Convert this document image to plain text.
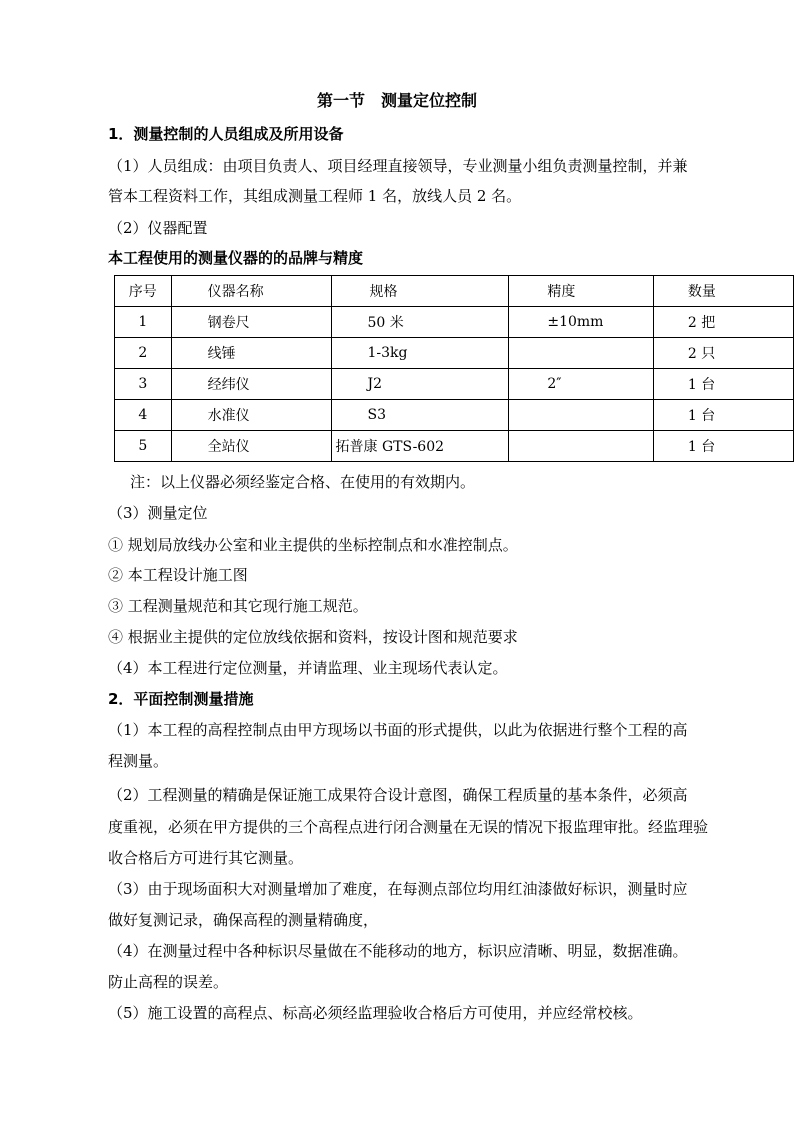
第一节　测量定位控制
1．测量控制的人员组成及所用设备
（1）人员组成：由项目负责人、项目经理直接领导，专业测量小组负责测量控制，并兼
管本工程资料工作，其组成测量工程师 1 名，放线人员 2 名。
（2）仪器配置
本工程使用的测量仪器的的品牌与精度
序号	仪器名称	规格	精度	数量
1	钢卷尺	50 米	±10mm	2 把
2	线锤	1-3kg		2 只
3	经纬仪	J2	2″	1 台
4	水准仪	S3		1 台
5	全站仪	拓普康 GTS-602		1 台
注：以上仪器必须经鉴定合格、在使用的有效期内。
（3）测量定位
① 规划局放线办公室和业主提供的坐标控制点和水准控制点。
② 本工程设计施工图
③ 工程测量规范和其它现行施工规范。
④ 根据业主提供的定位放线依据和资料，按设计图和规范要求
（4）本工程进行定位测量，并请监理、业主现场代表认定。
2．平面控制测量措施
（1）本工程的高程控制点由甲方现场以书面的形式提供，以此为依据进行整个工程的高
程测量。
（2）工程测量的精确是保证施工成果符合设计意图，确保工程质量的基本条件，必须高
度重视，必须在甲方提供的三个高程点进行闭合测量在无误的情况下报监理审批。经监理验
收合格后方可进行其它测量。
（3）由于现场面积大对测量增加了难度，在每测点部位均用红油漆做好标识，测量时应
做好复测记录，确保高程的测量精确度，
（4）在测量过程中各种标识尽量做在不能移动的地方，标识应清晰、明显，数据准确。
防止高程的误差。
（5）施工设置的高程点、标高必须经监理验收合格后方可使用，并应经常校核。
